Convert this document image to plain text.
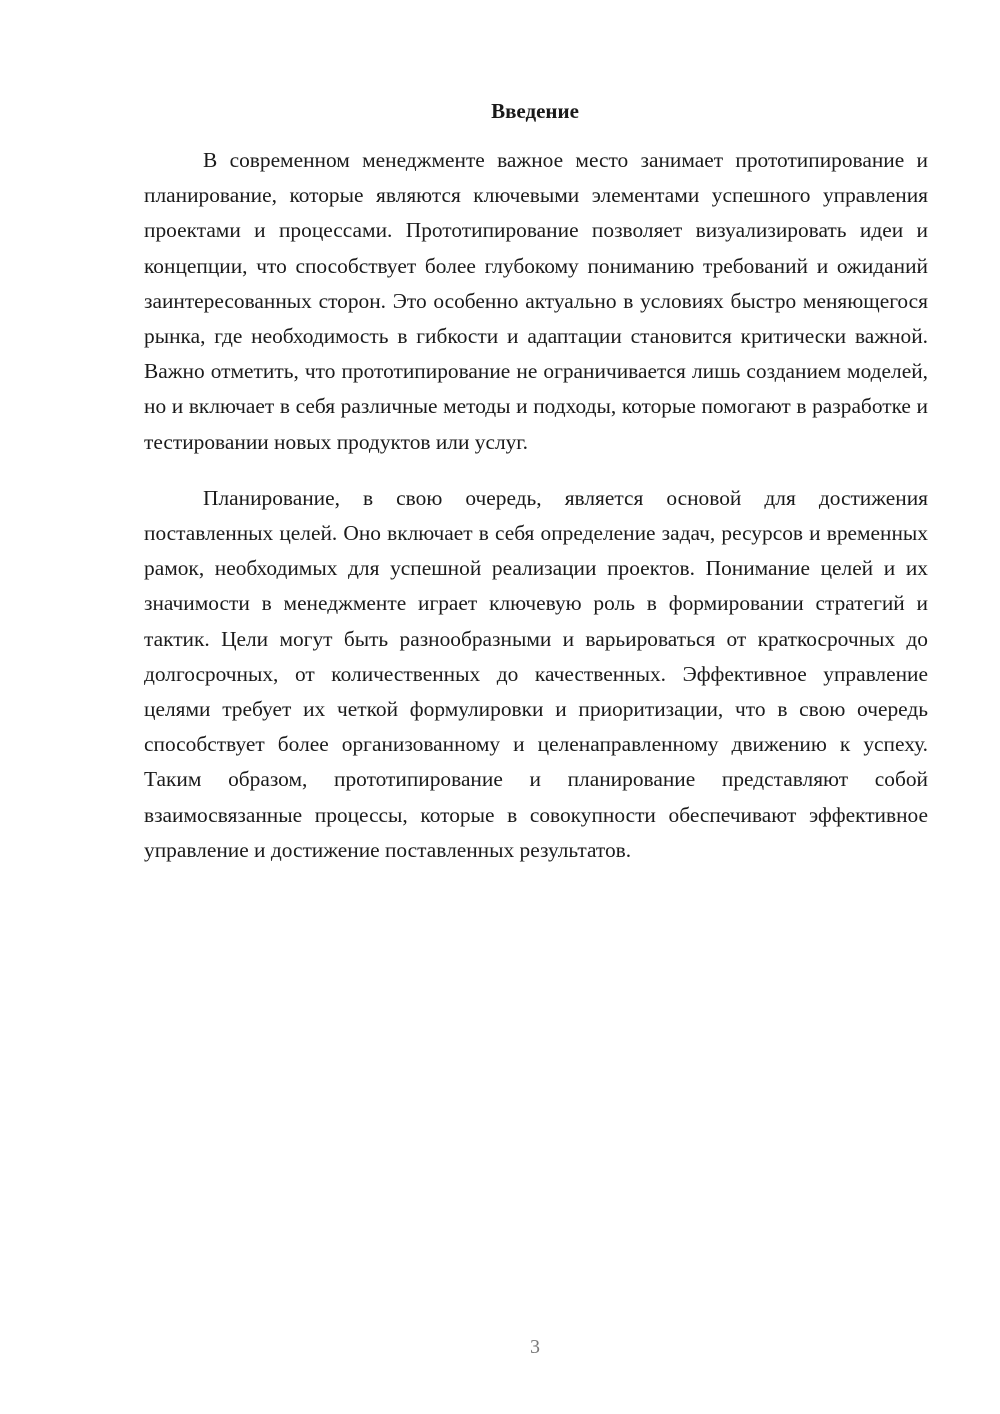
Введение

В современном менеджменте важное место занимает прототипирование и планирование, которые являются ключевыми элементами успешного управления проектами и процессами. Прототипирование позволяет визуализировать идеи и концепции, что способствует более глубокому пониманию требований и ожиданий заинтересованных сторон. Это особенно актуально в условиях быстро меняющегося рынка, где необходимость в гибкости и адаптации становится критически важной. Важно отметить, что прототипирование не ограничивается лишь созданием моделей, но и включает в себя различные методы и подходы, которые помогают в разработке и тестировании новых продуктов или услуг.

Планирование, в свою очередь, является основой для достижения поставленных целей. Оно включает в себя определение задач, ресурсов и временных рамок, необходимых для успешной реализации проектов. Понимание целей и их значимости в менеджменте играет ключевую роль в формировании стратегий и тактик. Цели могут быть разнообразными и варьироваться от краткосрочных до долгосрочных, от количественных до качественных. Эффективное управление целями требует их четкой формулировки и приоритизации, что в свою очередь способствует более организованному и целенаправленному движению к успеху. Таким образом, прототипирование и планирование представляют собой взаимосвязанные процессы, которые в совокупности обеспечивают эффективное управление и достижение поставленных результатов.

3
